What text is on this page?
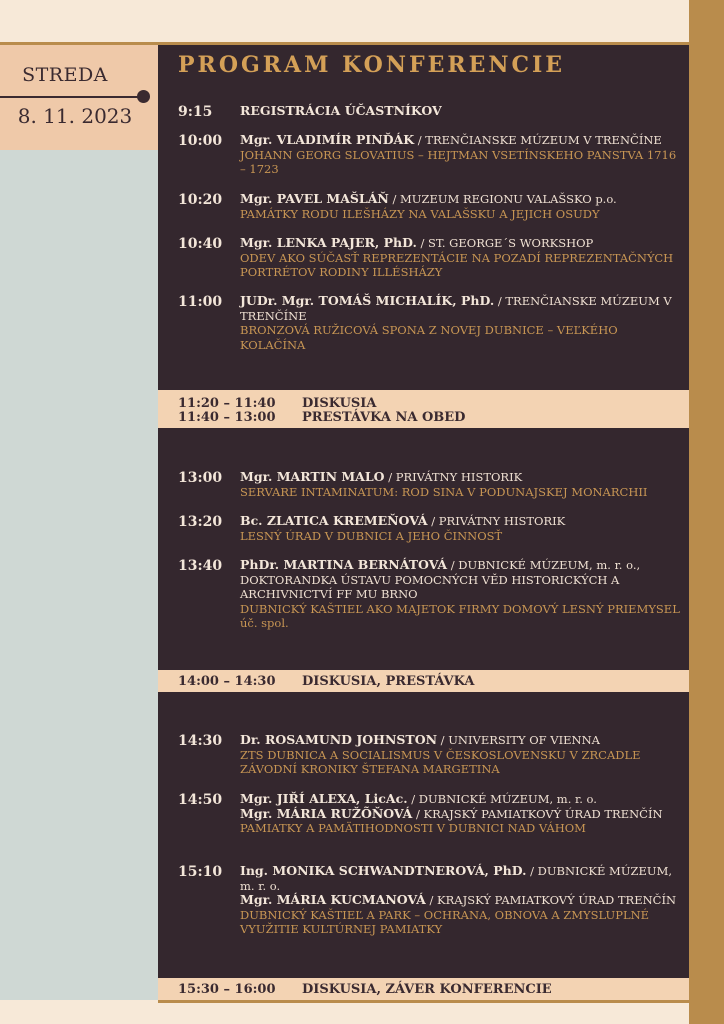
STREDA
8. 11. 2023
PROGRAM KONFERENCIE
9:15 REGISTRÁCIA ÚČASTNÍKOV
10:00 Mgr. VLADIMÍR PINĎÁK / TRENČIANSKE MÚZEUM V TRENČÍNE
JOHANN GEORG SLOVATIUS – HEJTMAN VSETÍNSKEHO PANSTVA 1716 – 1723
10:20 Mgr. PAVEL MAŠLÁŇ / MUZEUM REGIONU VALAŠSKO p.o.
PAMÁTKY RODU ILEŠHÁZY NA VALAŠSKU A JEJICH OSUDY
10:40 Mgr. LENKA PAJER, PhD. / ST. GEORGE´S WORKSHOP
ODEV AKO SÚČASŤ REPREZENTÁCIE NA POZADÍ REPREZENTAČNÝCH PORTRÉTOV RODINY ILLÉSHÁZY
11:00 JUDr. Mgr. TOMÁŠ MICHALÍK, PhD. / TRENČIANSKE MÚZEUM V TRENČÍNE
BRONZOVÁ RUŽICOVÁ SPONA Z NOVEJ DUBNICE – VEĽKÉHO KOLAČÍNA
11:20 – 11:40 DISKUSIA
11:40 – 13:00 PRESTÁVKA NA OBED
13:00 Mgr. MARTIN MALO / PRIVÁTNY HISTORIK
SERVARE INTAMINATUM: ROD SINA V PODUNAJSKEJ MONARCHII
13:20 Bc. ZLATICA KREMEŇOVÁ / PRIVÁTNY HISTORIK
LESNÝ ÚRAD V DUBNICI A JEHO ČINNOSŤ
13:40 PhDr. MARTINA BERNÁTOVÁ / DUBNICKÉ MÚZEUM, m. r. o., DOKTORANDKA ÚSTAVU POMOCNÝCH VĚD HISTORICKÝCH A ARCHIVNICTVÍ FF MU BRNO
DUBNICKÝ KAŠTIEĽ AKO MAJETOK FIRMY DOMOVÝ LESNÝ PRIEMYSEL úč. spol.
14:00 – 14:30 DISKUSIA, PRESTÁVKA
14:30 Dr. ROSAMUND JOHNSTON / UNIVERSITY OF VIENNA
ZTS DUBNICA A SOCIALISMUS V ČESKOSLOVENSKU V ZRCADLE ZÁVODNÍ KRONIKY ŠTEFANA MARGETINA
14:50 Mgr. JIŘÍ ALEXA, LicAc. / DUBNICKÉ MÚZEUM, m. r. o.
Mgr. MÁRIA RUŽÕŇOVÁ / KRAJSKÝ PAMIATKOVÝ ÚRAD TRENČÍN
PAMIATKY A PAMÄTIHODNOSTI V DUBNICI NAD VÁHOM
15:10 Ing. MONIKA SCHWANDTNEROVÁ, PhD. / DUBNICKÉ MÚZEUM, m. r. o.
Mgr. MÁRIA KUCMANOVÁ / KRAJSKÝ PAMIATKOVÝ ÚRAD TRENČÍN
DUBNICKÝ KAŠTIEĽ A PARK – OCHRANA, OBNOVA A ZMYSLUPLNÉ VYUŽITIE KULTÚRNEJ PAMIATKY
15:30 – 16:00 DISKUSIA, ZÁVER KONFERENCIE
